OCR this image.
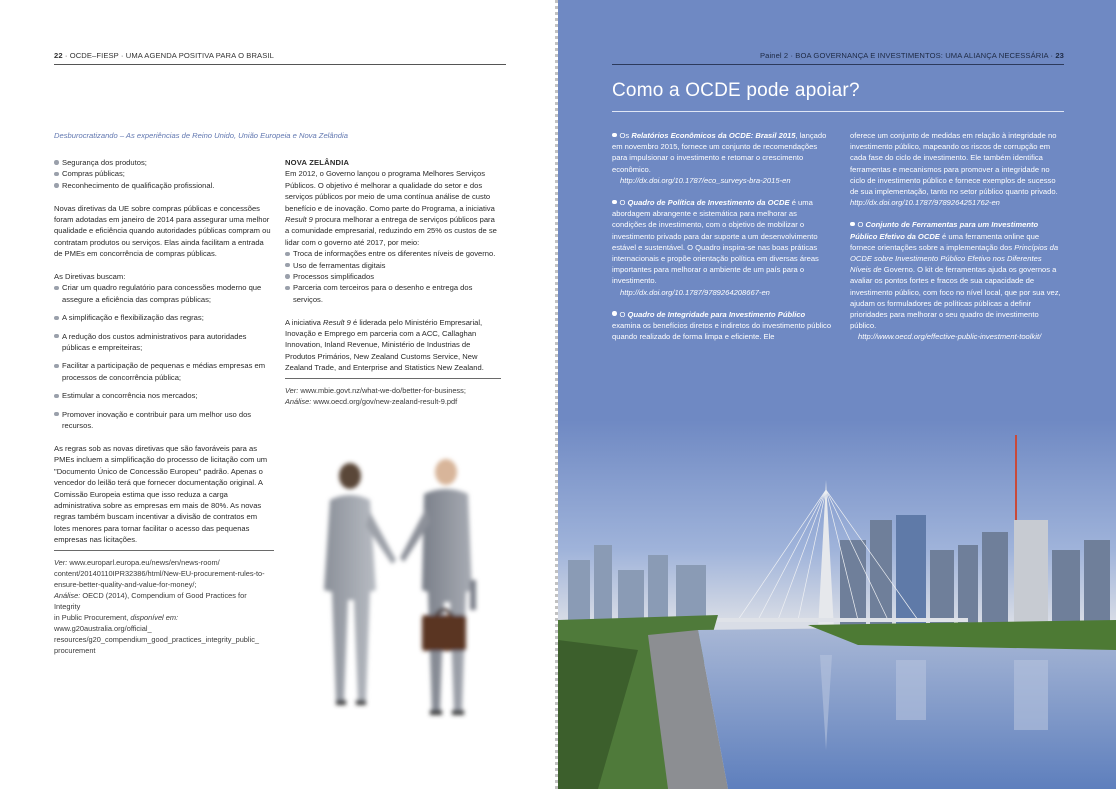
22 · OCDE–FIESP · UMA AGENDA POSITIVA PARA O BRASIL
Desburocratizando – As experiências de Reino Unido, União Europeia e Nova Zelândia
Segurança dos produtos;
Compras públicas;
Reconhecimento de qualificação profissional.

Novas diretivas da UE sobre compras públicas e concessões foram adotadas em janeiro de 2014 para assegurar uma melhor qualidade e eficiência quando autoridades públicas compram ou contratam produtos ou serviços. Elas ainda facilitam a entrada de PMEs em concorrência de compras públicas.

As Diretivas buscam:
Criar um quadro regulatório para concessões moderno que assegure a eficiência das compras públicas;
A simplificação e flexibilização das regras;
A redução dos custos administrativos para autoridades públicas e empreiteiras;
Facilitar a participação de pequenas e médias empresas em processos de concorrência pública;
Estimular a concorrência nos mercados;
Promover inovação e contribuir para um melhor uso dos recursos.

As regras sob as novas diretivas que são favoráveis para as PMEs incluem a simplificação do processo de licitação com um "Documento Único de Concessão Europeu" padrão. Apenas o vencedor do leilão terá que fornecer documentação original. A Comissão Europeia estima que isso reduza a carga administrativa sobre as empresas em mais de 80%. As novas regras também buscam incentivar a divisão de contratos em lotes menores para tornar facilitar o acesso das pequenas empresas nas licitações.

Ver: www.europarl.europa.eu/news/en/news-room/
content/20140110IPR32386/html/New-EU-procurement-rules-to-
ensure-better-quality-and-value-for-money/;
Análise: OECD (2014), Compendium of Good Practices for Integrity
in Public Procurement, disponível em: www.g20australia.org/official_
resources/g20_compendium_good_practices_integrity_public_
procurement
NOVA ZELÂNDIA

Em 2012, o Governo lançou o programa Melhores Serviços Públicos. O objetivo é melhorar a qualidade do setor e dos serviços públicos por meio de uma contínua análise de custo benefício e de inovação. Como parte do Programa, a iniciativa Result 9 procura melhorar a entrega de serviços públicos para a comunidade empresarial, reduzindo em 25% os custos de se lidar com o governo até 2017, por meio:

Troca de informações entre os diferentes níveis de governo.
Uso de ferramentas digitais
Processos simplificados
Parceria com terceiros para o desenho e entrega dos serviços.

A iniciativa Result 9 é liderada pelo Ministério Empresarial, Inovação e Emprego em parceria com a ACC, Callaghan Innovation, Inland Revenue, Ministério de Industrias de Produtos Primários, New Zealand Customs Service, New Zealand Trade, and Enterprise and Statistics New Zealand.

Ver: www.mbie.govt.nz/what-we-do/better-for-business;
Análise: www.oecd.org/gov/new-zealand-result-9.pdf
Painel 2 · BOA GOVERNANÇA E INVESTIMENTOS: UMA ALIANÇA NECESSÁRIA · 23
Como a OCDE pode apoiar?
Os Relatórios Econômicos da OCDE: Brasil 2015, lançado em novembro 2015, fornece um conjunto de recomendações para impulsionar o investimento e retomar o crescimento econômico.
http://dx.doi.org/10.1787/eco_surveys-bra-2015-en
O Quadro de Política de Investimento da OCDE é uma abordagem abrangente e sistemática para melhorar as condições de investimento, com o objetivo de mobilizar o investimento privado para dar suporte a um desenvolvimento estável e sustentável. O Quadro inspira-se nas boas práticas internacionais e propõe orientação política em diversas áreas importantes para melhorar o ambiente de um país para o investimento.
http://dx.doi.org/10.1787/9789264208667-en
O Quadro de Integridade para Investimento Público examina os benefícios diretos e indiretos do investimento público quando realizado de forma limpa e eficiente. Ele
oferece um conjunto de medidas em relação à integridade no investimento público, mapeando os riscos de corrupção em cada fase do ciclo de investimento. Ele também identifica ferramentas e mecanismos para promover a integridade no ciclo de investimento público e fornece exemplos de sucesso de sua implementação, tanto no setor público quanto privado.
http://dx.doi.org/10.1787/9789264251762-en
O Conjunto de Ferramentas para um Investimento Público Efetivo da OCDE é uma ferramenta online que fornece orientações sobre a implementação dos Princípios da OCDE sobre Investimento Público Efetivo nos Diferentes Níveis de Governo. O kit de ferramentas ajuda os governos a avaliar os pontos fortes e fracos de sua capacidade de investimento público, com foco no nível local, que por sua vez, ajudam os formuladores de políticas públicas a definir prioridades para melhorar o seu quadro de investimento público.
http://www.oecd.org/effective-public-investment-toolkit/
